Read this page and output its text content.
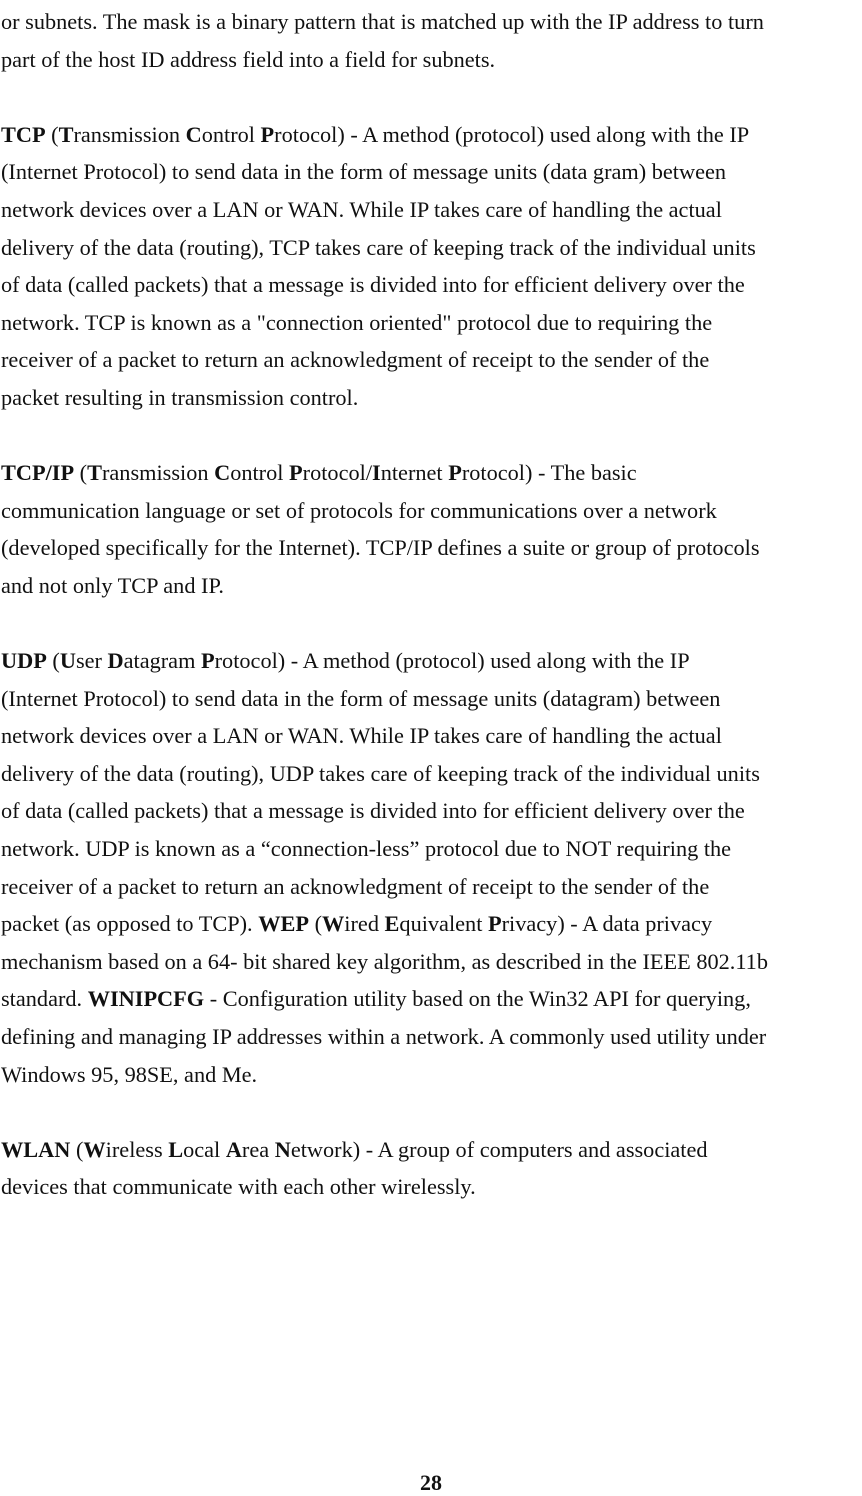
or subnets. The mask is a binary pattern that is matched up with the IP address to turn
part of the host ID address field into a field for subnets.

TCP (Transmission Control Protocol) - A method (protocol) used along with the IP
(Internet Protocol) to send data in the form of message units (data gram) between
network devices over a LAN or WAN. While IP takes care of handling the actual
delivery of the data (routing), TCP takes care of keeping track of the individual units
of data (called packets) that a message is divided into for efficient delivery over the
network. TCP is known as a "connection oriented" protocol due to requiring the
receiver of a packet to return an acknowledgment of receipt to the sender of the
packet resulting in transmission control.

TCP/IP (Transmission Control Protocol/Internet Protocol) - The basic
communication language or set of protocols for communications over a network
(developed specifically for the Internet). TCP/IP defines a suite or group of protocols
and not only TCP and IP.

UDP (User Datagram Protocol) - A method (protocol) used along with the IP
(Internet Protocol) to send data in the form of message units (datagram) between
network devices over a LAN or WAN. While IP takes care of handling the actual
delivery of the data (routing), UDP takes care of keeping track of the individual units
of data (called packets) that a message is divided into for efficient delivery over the
network. UDP is known as a “connection-less” protocol due to NOT requiring the
receiver of a packet to return an acknowledgment of receipt to the sender of the
packet (as opposed to TCP). WEP (Wired Equivalent Privacy) - A data privacy
mechanism based on a 64- bit shared key algorithm, as described in the IEEE 802.11b
standard. WINIPCFG - Configuration utility based on the Win32 API for querying,
defining and managing IP addresses within a network. A commonly used utility under
Windows 95, 98SE, and Me.

WLAN (Wireless Local Area Network) - A group of computers and associated
devices that communicate with each other wirelessly.

28
